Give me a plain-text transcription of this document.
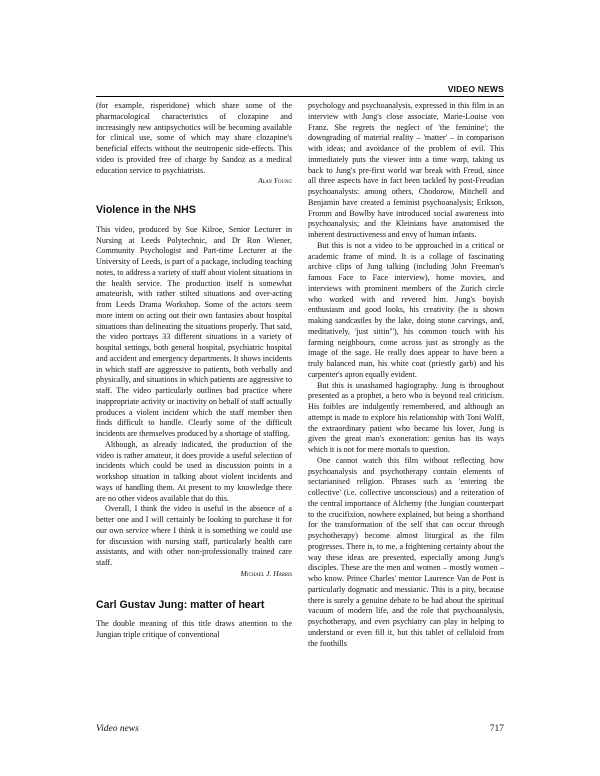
VIDEO NEWS

(for example, risperidone) which share some of the pharmacological characteristics of clozapine and increasingly new antipsychotics will be becoming available for clinical use, some of which may share clozapine's beneficial effects without the neutropenic side-effects. This video is provided free of charge by Sandoz as a medical education service to psychiatrists.

Alan Young

Violence in the NHS

This video, produced by Sue Kilroe, Senior Lecturer in Nursing at Leeds Polytechnic, and Dr Ron Wiener, Community Psychologist and Part-time Lecturer at the University of Leeds, is part of a package, including teaching notes, to address a variety of staff about violent situations in the health service. The production itself is somewhat amateurish, with rather stilted situations and over-acting from Leeds Drama Workshop. Some of the actors seem more intent on acting out their own fantasies about hospital situations than delineating the situations properly. That said, the video portrays 33 different situations in a variety of hospital settings, both general hospital, psychiatric hospital and accident and emergency departments. It shows incidents in which staff are aggressive to patients, both verbally and physically, and situations in which patients are aggressive to staff. The video particularly outlines bad practice where inappropriate activity or inactivity on behalf of staff actually produces a violent incident which the staff member then finds difficult to handle. Clearly some of the difficult incidents are themselves produced by a shortage of staffing.

Although, as already indicated, the production of the video is rather amateur, it does provide a useful selection of incidents which could be used as discussion points in a workshop situation in talking about violent incidents and ways of handling them. At present to my knowledge there are no other videos available that do this.

Overall, I think the video is useful in the absence of a better one and I will certainly be looking to purchase it for our own service where I think it is something we could use for discussion with nursing staff, particularly health care assistants, and with other non-professionally trained care staff.

Michael J. Harris

Carl Gustav Jung: matter of heart

The double meaning of this title draws attention to the Jungian triple critique of conventional

psychology and psychoanalysis, expressed in this film in an interview with Jung's close associate, Marie-Louise von Franz. She regrets the neglect of 'the feminine'; the downgrading of material reality – 'matter' – in comparison with ideas; and avoidance of the problem of evil. This immediately puts the viewer into a time warp, taking us back to Jung's pre-first world war break with Freud, since all three aspects have in fact been tackled by post-Freudian psychoanalysts: among others, Chodorow, Mitchell and Benjamin have created a feminist psychoanalysis; Erikson, Fromm and Bowlby have introduced social awareness into psychoanalysis; and the Kleinians have anatomised the inherent destructiveness and envy of human infants.

But this is not a video to be approached in a critical or academic frame of mind. It is a collage of fascinating archive clips of Jung talking (including John Freeman's famous Face to Face interview), home movies, and interviews with prominent members of the Zurich circle who worked with and revered him. Jung's boyish enthusiasm and good looks, his creativity (he is shown making sandcastles by the lake, doing stone carvings, and, meditatively, 'just sittin'''), his common touch with his farming neighbours, come across just as strongly as the image of the sage. He really does appear to have been a truly balanced man, his white coat (priestly garb) and his carpenter's apron equally evident.

But this is unashamed hagiography. Jung is throughout presented as a prophet, a hero who is beyond real criticism. His foibles are indulgently remembered, and although an attempt is made to explore his relationship with Toni Wolff, the extraordinary patient who became his lover, Jung is given the great man's exoneration: genius has its ways which it is not for mere mortals to question.

One cannot watch this film without reflecting how psychoanalysis and psychotherapy contain elements of sectarianised religion. Phrases such as 'entering the collective' (i.e. collective unconscious) and a reiteration of the central importance of Alchemy (the Jungian counterpart to the crucifixion, nowhere explained, but being a shorthand for the transformation of the self that can occur through psychotherapy) become almost liturgical as the film progresses. There is, to me, a frightening certainty about the way these ideas are presented, especially among Jung's disciples. These are the men and women – mostly women – who know. Prince Charles' mentor Laurence Van de Post is particularly dogmatic and messianic. This is a pity, because there is surely a genuine debate to be had about the spiritual vacuum of modern life, and the role that psychoanalysis, psychotherapy, and even psychiatry can play in helping to understand or even fill it, but this tablet of celluloid from the foothills

Video news	717
